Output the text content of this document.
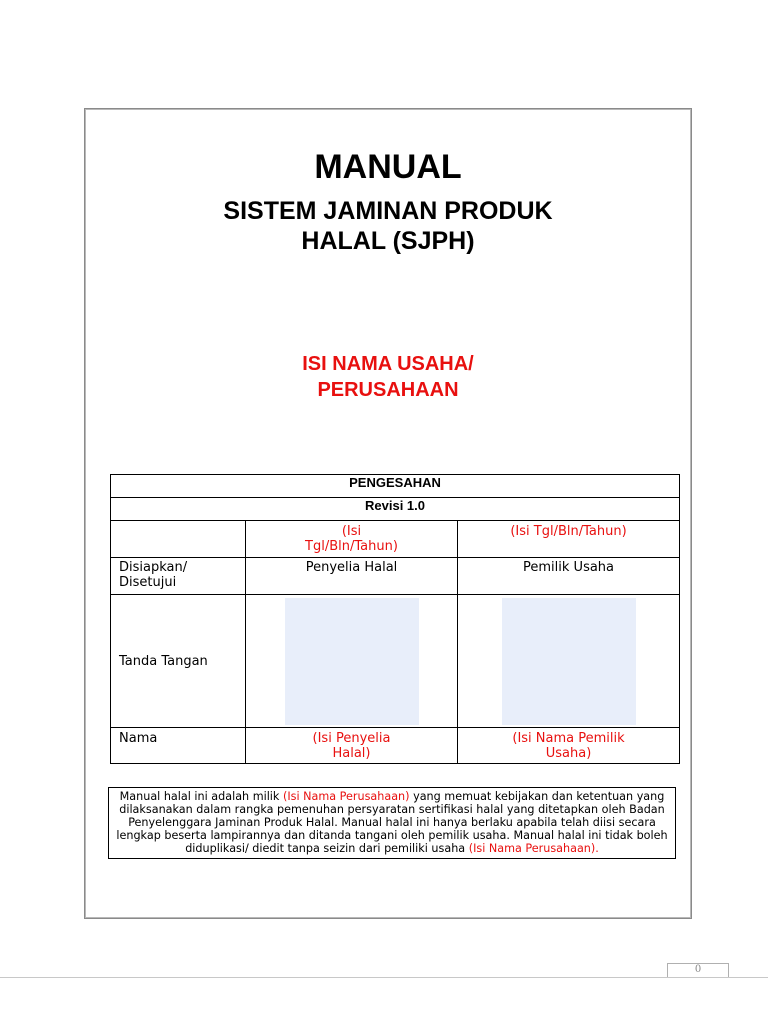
MANUAL
SISTEM JAMINAN PRODUK
HALAL (SJPH)
ISI NAMA USAHA/
PERUSAHAAN
PENGESAHAN		
Revisi 1.0		

	(Isi
Tgl/Bln/Tahun)	(Isi Tgl/Bln/Tahun)

Disiapkan/
Disetujui	Penyelia Halal	Pemilik Usaha
Tanda Tangan	

Nama	(Isi Penyelia
Halal)	(Isi Nama Pemilik
Usaha)
Manual halal ini adalah milik (Isi Nama Perusahaan) yang memuat kebijakan dan ketentuan yang dilaksanakan dalam rangka pemenuhan persyaratan sertifikasi halal yang ditetapkan oleh Badan Penyelenggara Jaminan Produk Halal. Manual halal ini hanya berlaku apabila telah diisi secara lengkap beserta lampirannya dan ditanda tangani oleh pemilik usaha. Manual halal ini tidak boleh diduplikasi/ diedit tanpa seizin dari pemiliki usaha (Isi Nama Perusahaan).
0
